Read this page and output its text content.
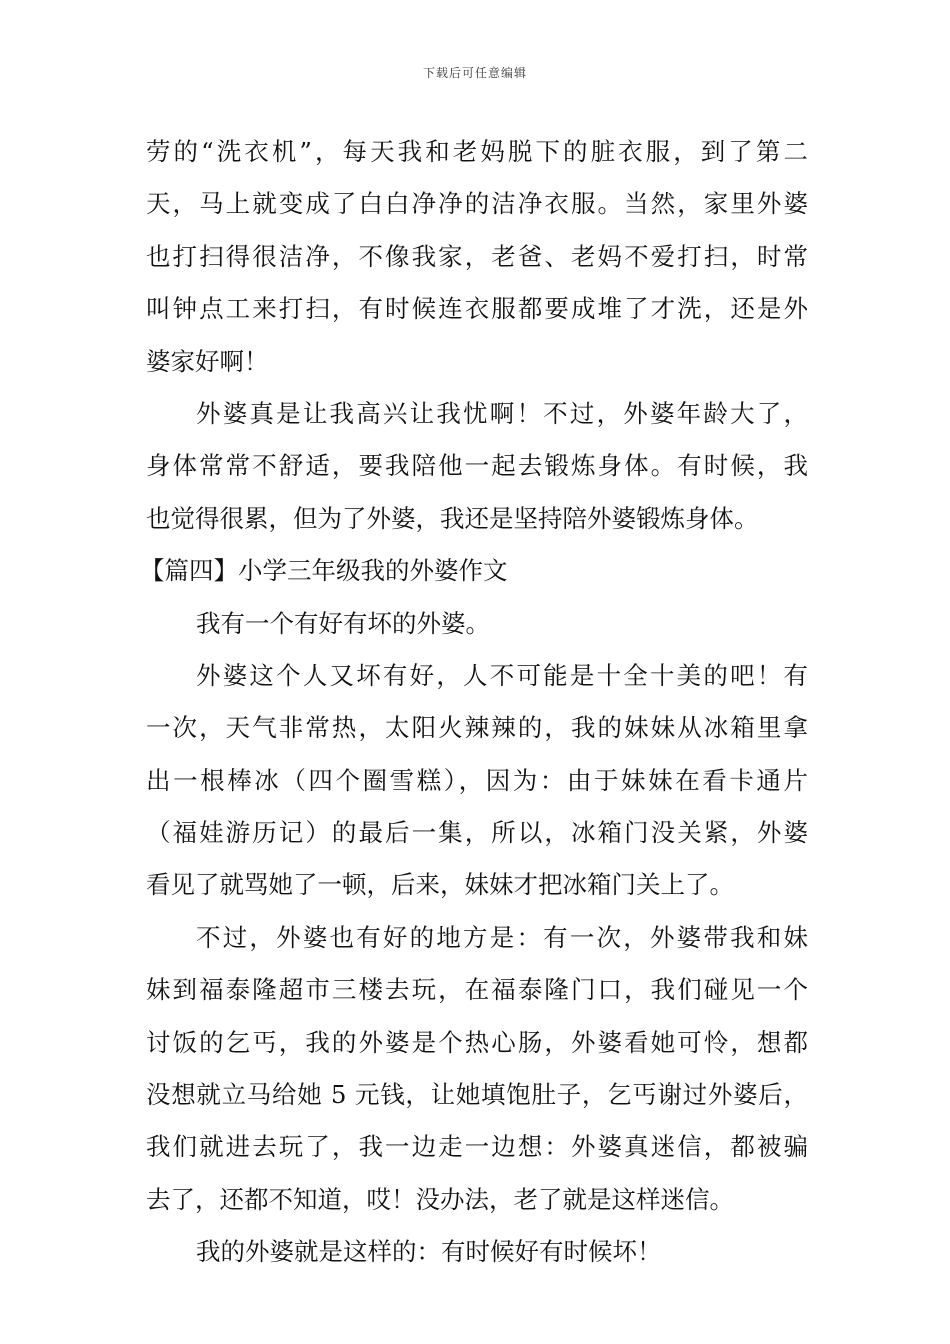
下载后可任意编辑
劳的“洗衣机”，每天我和老妈脱下的脏衣服，到了第二
天，马上就变成了白白净净的洁净衣服。当然，家里外婆
也打扫得很洁净，不像我家，老爸、老妈不爱打扫，时常
叫钟点工来打扫，有时候连衣服都要成堆了才洗，还是外
婆家好啊！
外婆真是让我高兴让我忧啊！不过，外婆年龄大了，
身体常常不舒适，要我陪他一起去锻炼身体。有时候，我
也觉得很累，但为了外婆，我还是坚持陪外婆锻炼身体。
【篇四】小学三年级我的外婆作文
我有一个有好有坏的外婆。
外婆这个人又坏有好，人不可能是十全十美的吧！有
一次，天气非常热，太阳火辣辣的，我的妹妹从冰箱里拿
出一根棒冰（四个圈雪糕），因为：由于妹妹在看卡通片
（福娃游历记）的最后一集，所以，冰箱门没关紧，外婆
看见了就骂她了一顿，后来，妹妹才把冰箱门关上了。
不过，外婆也有好的地方是：有一次，外婆带我和妹
妹到福泰隆超市三楼去玩，在福泰隆门口，我们碰见一个
讨饭的乞丐，我的外婆是个热心肠，外婆看她可怜，想都
没想就立马给她 5 元钱，让她填饱肚子，乞丐谢过外婆后，
我们就进去玩了，我一边走一边想：外婆真迷信，都被骗
去了，还都不知道，哎！没办法，老了就是这样迷信。
我的外婆就是这样的：有时候好有时候坏！
